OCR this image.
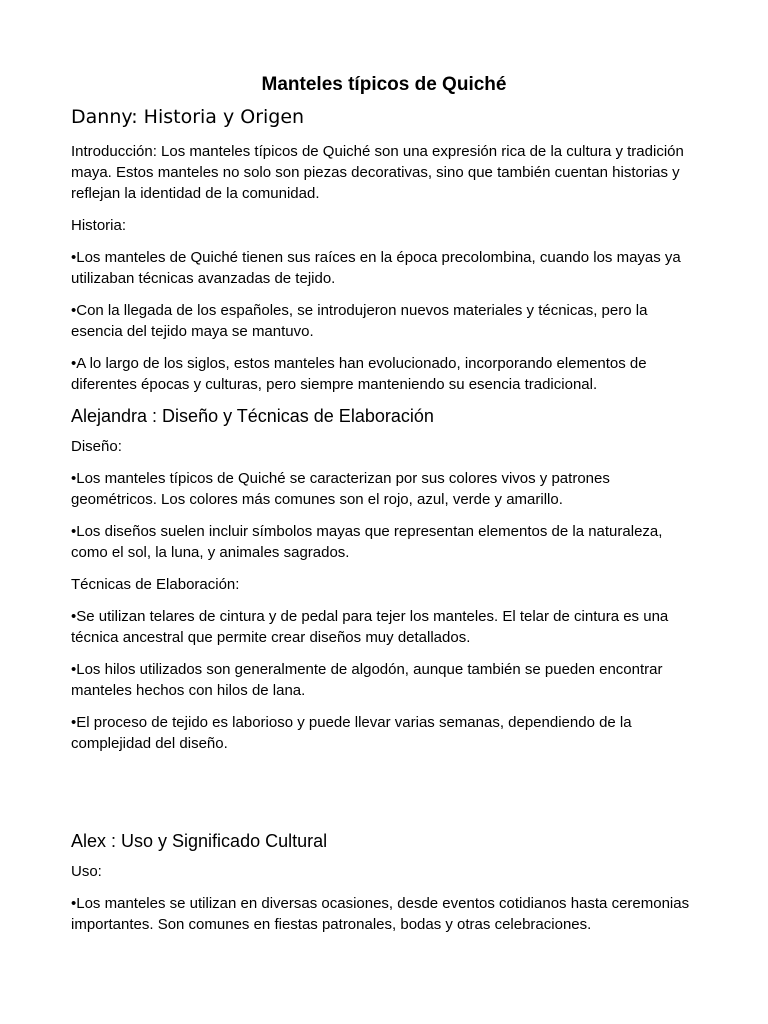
Manteles típicos de Quiché
Danny: Historia y Origen

Introducción: Los manteles típicos de Quiché son una expresión rica de la cultura y tradición maya. Estos manteles no solo son piezas decorativas, sino que también cuentan historias y reflejan la identidad de la comunidad.

Historia:

•Los manteles de Quiché tienen sus raíces en la época precolombina, cuando los mayas ya utilizaban técnicas avanzadas de tejido.

•Con la llegada de los españoles, se introdujeron nuevos materiales y técnicas, pero la esencia del tejido maya se mantuvo.

•A lo largo de los siglos, estos manteles han evolucionado, incorporando elementos de diferentes épocas y culturas, pero siempre manteniendo su esencia tradicional.

Alejandra : Diseño y Técnicas de Elaboración

Diseño:

•Los manteles típicos de Quiché se caracterizan por sus colores vivos y patrones geométricos. Los colores más comunes son el rojo, azul, verde y amarillo.

•Los diseños suelen incluir símbolos mayas que representan elementos de la naturaleza, como el sol, la luna, y animales sagrados.

Técnicas de Elaboración:

•Se utilizan telares de cintura y de pedal para tejer los manteles. El telar de cintura es una técnica ancestral que permite crear diseños muy detallados.

•Los hilos utilizados son generalmente de algodón, aunque también se pueden encontrar manteles hechos con hilos de lana.

•El proceso de tejido es laborioso y puede llevar varias semanas, dependiendo de la complejidad del diseño.

Alex : Uso y Significado Cultural

Uso:

•Los manteles se utilizan en diversas ocasiones, desde eventos cotidianos hasta ceremonias importantes. Son comunes en fiestas patronales, bodas y otras celebraciones.
